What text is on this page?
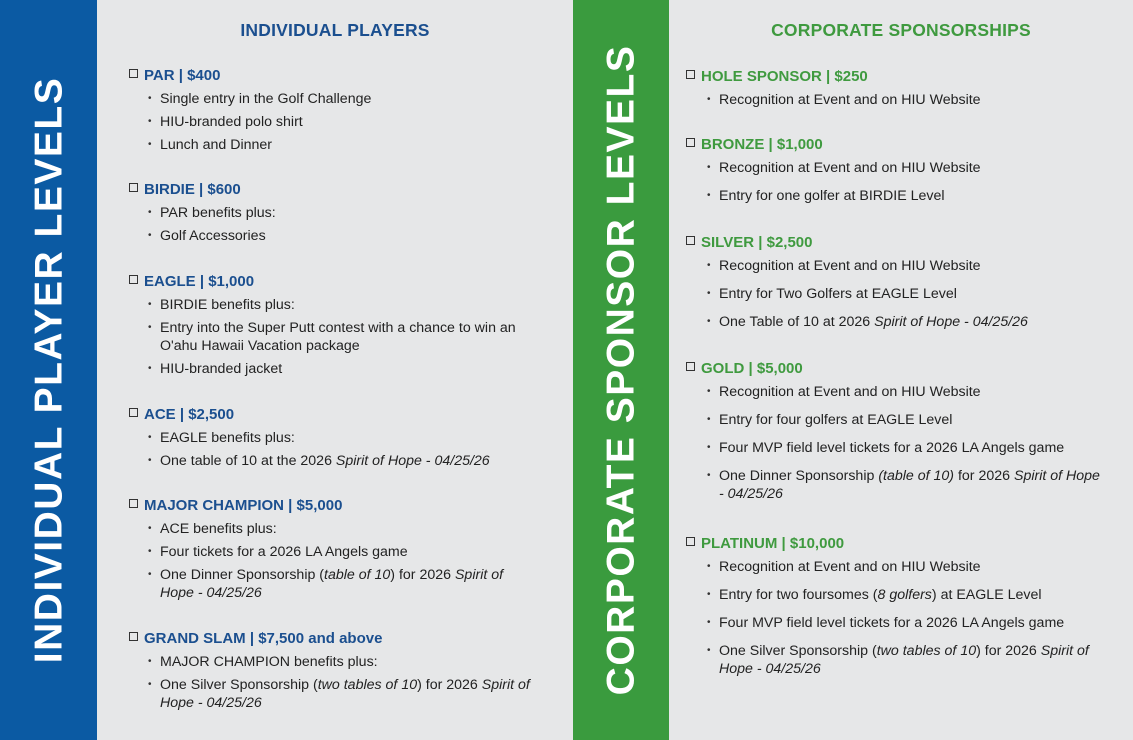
INDIVIDUAL PLAYER LEVELS
INDIVIDUAL PLAYERS
PAR | $400
• Single entry in the Golf Challenge
• HIU-branded polo shirt
• Lunch and Dinner
BIRDIE | $600
• PAR benefits plus:
• Golf Accessories
EAGLE | $1,000
• BIRDIE benefits plus:
• Entry into the Super Putt contest with a chance to win an O'ahu Hawaii Vacation package
• HIU-branded jacket
ACE | $2,500
• EAGLE benefits plus:
• One table of 10 at the 2026 Spirit of Hope - 04/25/26
MAJOR CHAMPION | $5,000
• ACE benefits plus:
• Four tickets for a 2026 LA Angels game
• One Dinner Sponsorship (table of 10) for 2026 Spirit of Hope - 04/25/26
GRAND SLAM | $7,500 and above
• MAJOR CHAMPION benefits plus:
• One Silver Sponsorship (two tables of 10) for 2026 Spirit of Hope - 04/25/26
CORPORATE SPONSOR LEVELS
CORPORATE SPONSORSHIPS
HOLE SPONSOR | $250
• Recognition at Event and on HIU Website
BRONZE | $1,000
• Recognition at Event and on HIU Website
• Entry for one golfer at BIRDIE Level
SILVER | $2,500
• Recognition at Event and on HIU Website
• Entry for Two Golfers at EAGLE Level
• One Table of 10 at 2026 Spirit of Hope - 04/25/26
GOLD | $5,000
• Recognition at Event and on HIU Website
• Entry for four golfers at EAGLE Level
• Four MVP field level tickets for a 2026 LA Angels game
• One Dinner Sponsorship (table of 10) for 2026 Spirit of Hope - 04/25/26
PLATINUM | $10,000
• Recognition at Event and on HIU Website
• Entry for two foursomes (8 golfers) at EAGLE Level
• Four MVP field level tickets for a 2026 LA Angels game
• One Silver Sponsorship (two tables of 10) for 2026 Spirit of Hope - 04/25/26
